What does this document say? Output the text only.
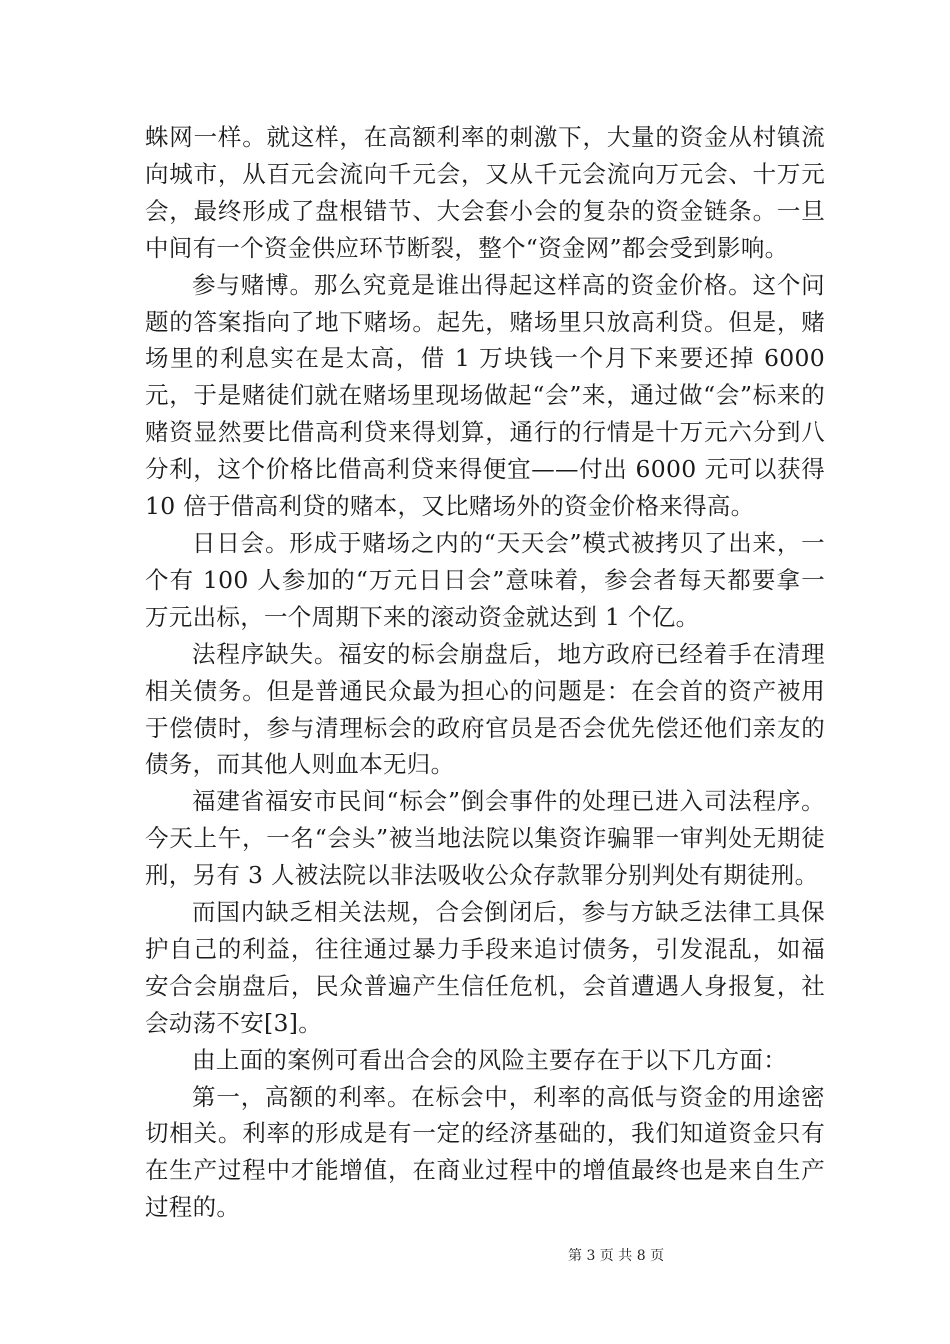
蛛网一样。就这样，在高额利率的刺激下，大量的资金从村镇流向城市，从百元会流向千元会，又从千元会流向万元会、十万元会，最终形成了盘根错节、大会套小会的复杂的资金链条。一旦中间有一个资金供应环节断裂，整个“资金网”都会受到影响。

参与赌博。那么究竟是谁出得起这样高的资金价格。这个问题的答案指向了地下赌场。起先，赌场里只放高利贷。但是，赌场里的利息实在是太高，借 1 万块钱一个月下来要还掉 6000 元，于是赌徒们就在赌场里现场做起“会”来，通过做“会”标来的赌资显然要比借高利贷来得划算，通行的行情是十万元六分到八分利，这个价格比借高利贷来得便宜——付出 6000 元可以获得 10 倍于借高利贷的赌本，又比赌场外的资金价格来得高。

日日会。形成于赌场之内的“天天会”模式被拷贝了出来，一个有 100 人参加的“万元日日会”意味着，参会者每天都要拿一万元出标，一个周期下来的滚动资金就达到 1 个亿。

法程序缺失。福安的标会崩盘后，地方政府已经着手在清理相关债务。但是普通民众最为担心的问题是：在会首的资产被用于偿债时，参与清理标会的政府官员是否会优先偿还他们亲友的债务，而其他人则血本无归。

福建省福安市民间“标会”倒会事件的处理已进入司法程序。今天上午，一名“会头”被当地法院以集资诈骗罪一审判处无期徒刑，另有 3 人被法院以非法吸收公众存款罪分别判处有期徒刑。

而国内缺乏相关法规，合会倒闭后，参与方缺乏法律工具保护自己的利益，往往通过暴力手段来追讨债务，引发混乱，如福安合会崩盘后，民众普遍产生信任危机，会首遭遇人身报复，社会动荡不安[3]。

由上面的案例可看出合会的风险主要存在于以下几方面：

第一，高额的利率。在标会中，利率的高低与资金的用途密切相关。利率的形成是有一定的经济基础的，我们知道资金只有在生产过程中才能增值，在商业过程中的增值最终也是来自生产过程的。

第 3 页 共 8 页
